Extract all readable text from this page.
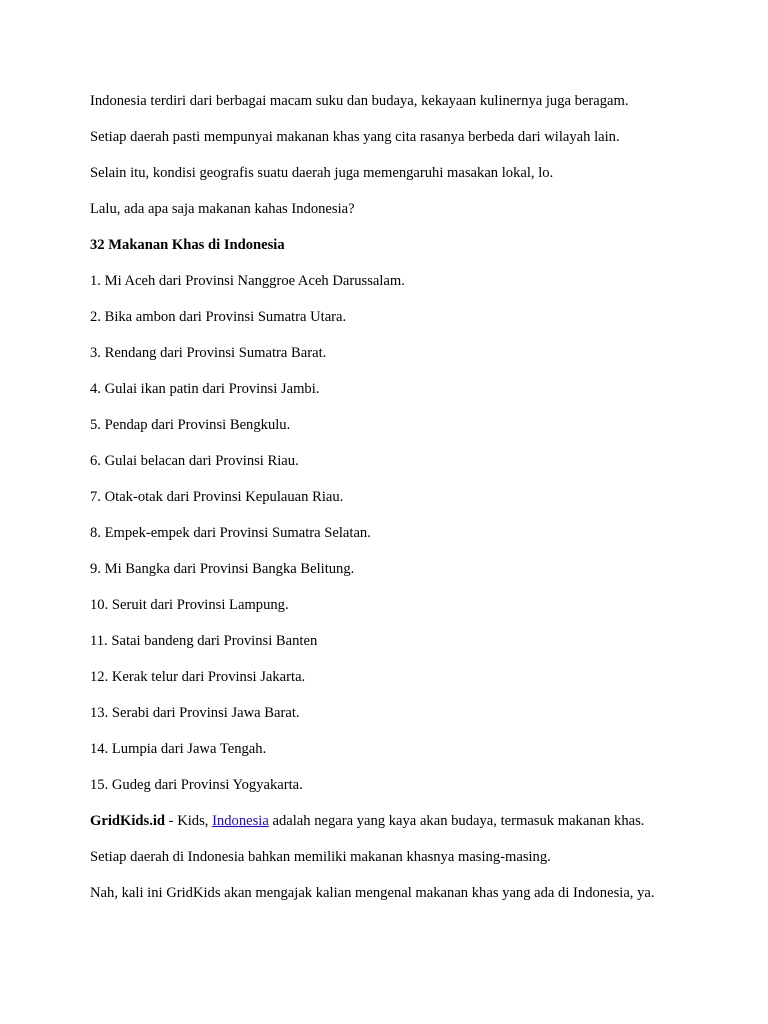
Indonesia terdiri dari berbagai macam suku dan budaya, kekayaan kulinernya juga beragam.

Setiap daerah pasti mempunyai makanan khas yang cita rasanya berbeda dari wilayah lain.

Selain itu, kondisi geografis suatu daerah juga memengaruhi masakan lokal, lo.

Lalu, ada apa saja makanan kahas Indonesia?

32 Makanan Khas di Indonesia

1. Mi Aceh dari Provinsi Nanggroe Aceh Darussalam.

2. Bika ambon dari Provinsi Sumatra Utara.

3. Rendang dari Provinsi Sumatra Barat.

4. Gulai ikan patin dari Provinsi Jambi.

5. Pendap dari Provinsi Bengkulu.

6. Gulai belacan dari Provinsi Riau.

7. Otak-otak dari Provinsi Kepulauan Riau.

8. Empek-empek dari Provinsi Sumatra Selatan.

9. Mi Bangka dari Provinsi Bangka Belitung.

10. Seruit dari Provinsi Lampung.

11. Satai bandeng dari Provinsi Banten

12. Kerak telur dari Provinsi Jakarta.

13. Serabi dari Provinsi Jawa Barat.

14. Lumpia dari Jawa Tengah.

15. Gudeg dari Provinsi Yogyakarta.

GridKids.id - Kids, Indonesia adalah negara yang kaya akan budaya, termasuk makanan khas.

Setiap daerah di Indonesia bahkan memiliki makanan khasnya masing-masing.

Nah, kali ini GridKids akan mengajak kalian mengenal makanan khas yang ada di Indonesia, ya.
